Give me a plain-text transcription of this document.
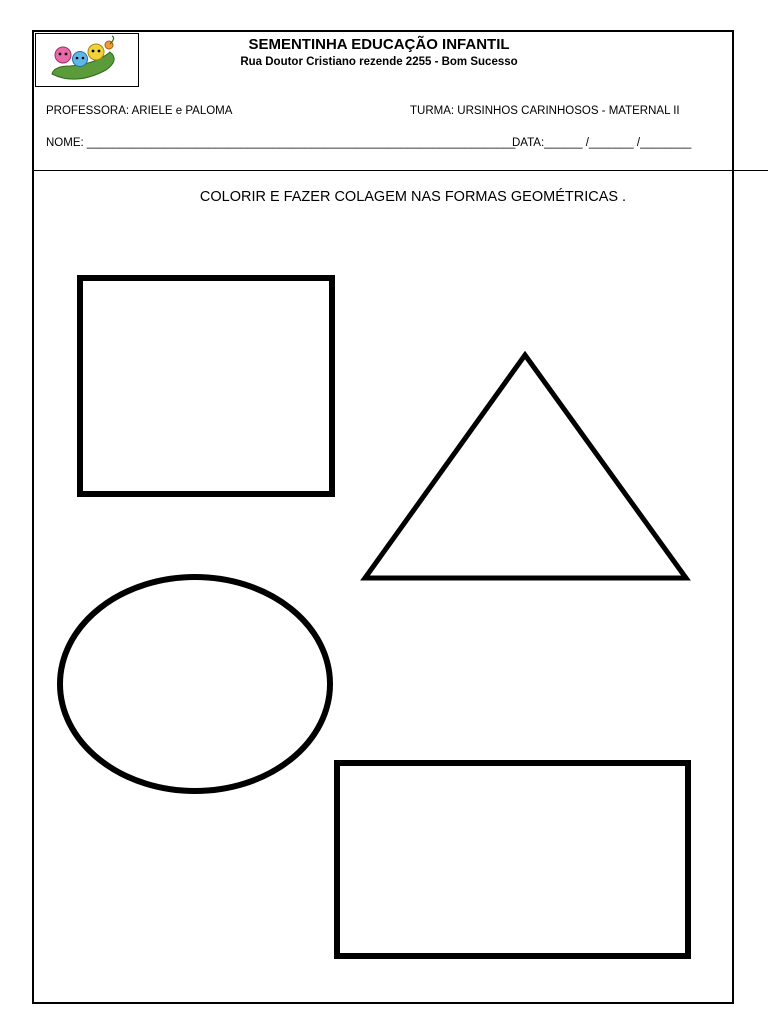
SEMENTINHA EDUCAÇÃO INFANTIL
Rua Doutor Cristiano rezende 2255 - Bom Sucesso
PROFESSORA: ARIELE e PALOMA	TURMA: URSINHOS CARINHOSOS - MATERNAL II
NOME: ___________________________________________________________________
DATA:______ /_______ /________
COLORIR E FAZER COLAGEM NAS FORMAS GEOMÉTRICAS .
